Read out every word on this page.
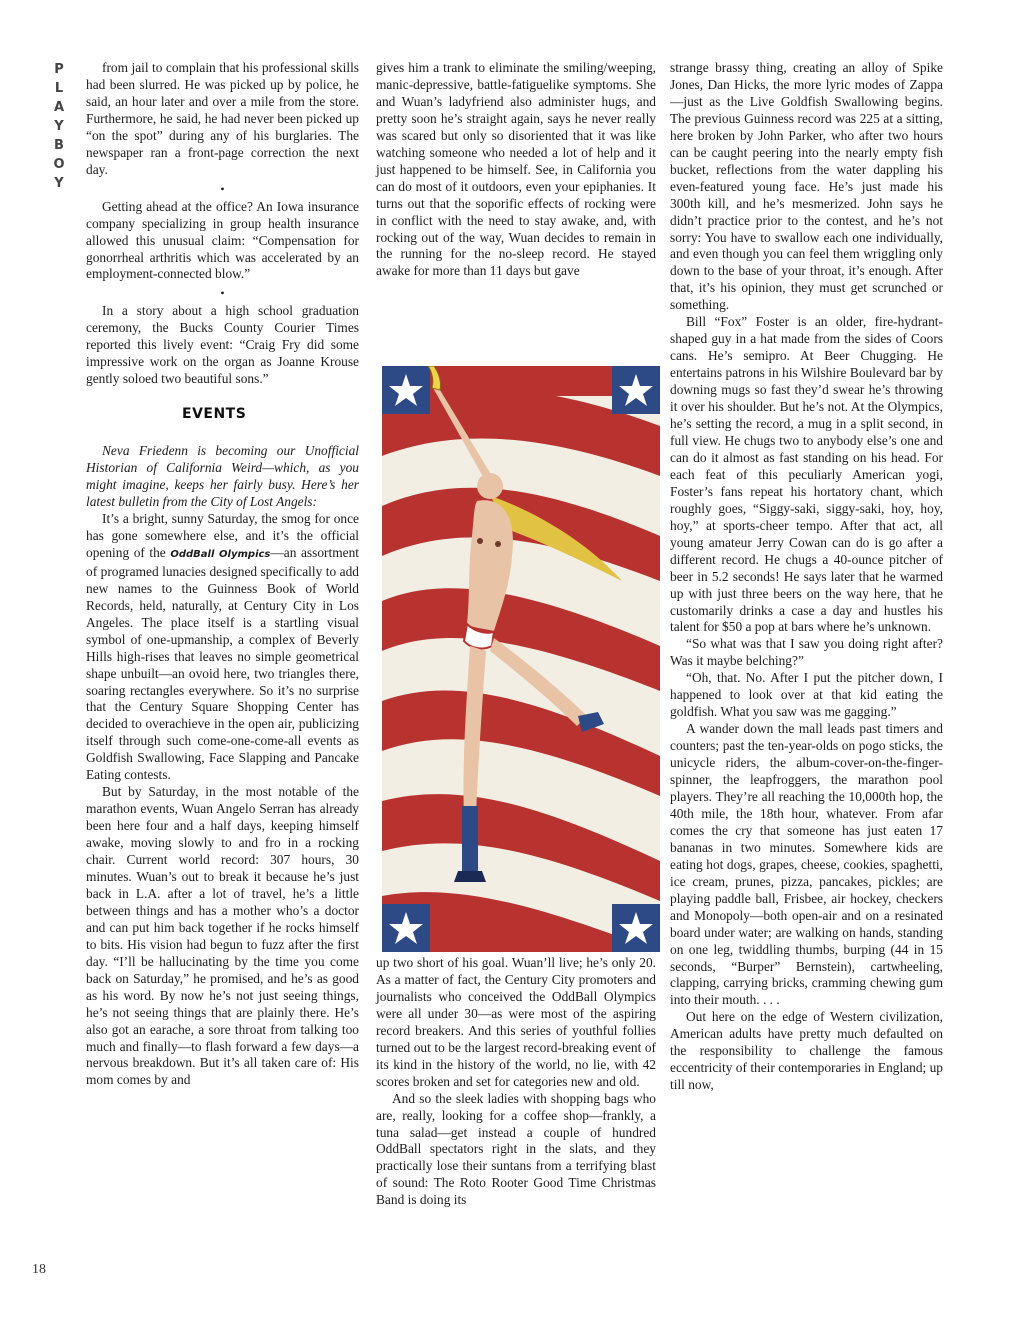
P
L
A
Y
B
O
Y

from jail to complain that his professional skills had been slurred. He was picked up by police, he said, an hour later and over a mile from the store. Furthermore, he said, he had never been picked up “on the spot” during any of his burglaries. The newspaper ran a front-page correction the next day.

•

Getting ahead at the office? An Iowa insurance company specializing in group health insurance allowed this unusual claim: “Compensation for gonorrheal arthritis which was accelerated by an employment-connected blow.”

•

In a story about a high school graduation ceremony, the Bucks County Courier Times reported this lively event: “Craig Fry did some impressive work on the organ as Joanne Krouse gently soloed two beautiful sons.”

EVENTS

Neva Friedenn is becoming our Unofficial Historian of California Weird—which, as you might imagine, keeps her fairly busy. Here’s her latest bulletin from the City of Lost Angels:

It’s a bright, sunny Saturday, the smog for once has gone somewhere else, and it’s the official opening of the OddBall Olympics—an assortment of programed lunacies designed specifically to add new names to the Guinness Book of World Records, held, naturally, at Century City in Los Angeles. The place itself is a startling visual symbol of one-upmanship, a complex of Beverly Hills high-rises that leaves no simple geometrical shape unbuilt—an ovoid here, two triangles there, soaring rectangles everywhere. So it’s no surprise that the Century Square Shopping Center has decided to overachieve in the open air, publicizing itself through such come-one-come-all events as Goldfish Swallowing, Face Slapping and Pancake Eating contests.

But by Saturday, in the most notable of the marathon events, Wuan Angelo Serran has already been here four and a half days, keeping himself awake, moving slowly to and fro in a rocking chair. Current world record: 307 hours, 30 minutes. Wuan’s out to break it because he’s just back in L.A. after a lot of travel, he’s a little between things and has a mother who’s a doctor and can put him back together if he rocks himself to bits. His vision had begun to fuzz after the first day. “I’ll be hallucinating by the time you come back on Saturday,” he promised, and he’s as good as his word. By now he’s not just seeing things, he’s not seeing things that are plainly there. He’s also got an earache, a sore throat from talking too much and finally—to flash forward a few days—a nervous breakdown. But it’s all taken care of: His mom comes by and

gives him a trank to eliminate the smiling/weeping, manic-depressive, battle-fatiguelike symptoms. She and Wuan’s ladyfriend also administer hugs, and pretty soon he’s straight again, says he never really was scared but only so disoriented that it was like watching someone who needed a lot of help and it just happened to be himself. See, in California you can do most of it outdoors, even your epiphanies. It turns out that the soporific effects of rocking were in conflict with the need to stay awake, and, with rocking out of the way, Wuan decides to remain in the running for the no-sleep record. He stayed awake for more than 11 days but gave

up two short of his goal. Wuan’ll live; he’s only 20. As a matter of fact, the Century City promoters and journalists who conceived the OddBall Olympics were all under 30—as were most of the aspiring record breakers. And this series of youthful follies turned out to be the largest record-breaking event of its kind in the history of the world, no lie, with 42 scores broken and set for categories new and old.

And so the sleek ladies with shopping bags who are, really, looking for a coffee shop—frankly, a tuna salad—get instead a couple of hundred OddBall spectators right in the slats, and they practically lose their suntans from a terrifying blast of sound: The Roto Rooter Good Time Christmas Band is doing its

strange brassy thing, creating an alloy of Spike Jones, Dan Hicks, the more lyric modes of Zappa—just as the Live Goldfish Swallowing begins. The previous Guinness record was 225 at a sitting, here broken by John Parker, who after two hours can be caught peering into the nearly empty fish bucket, reflections from the water dappling his even-featured young face. He’s just made his 300th kill, and he’s mesmerized. John says he didn’t practice prior to the contest, and he’s not sorry: You have to swallow each one individually, and even though you can feel them wriggling only down to the base of your throat, it’s enough. After that, it’s his opinion, they must get scrunched or something.

Bill “Fox” Foster is an older, fire-hydrant-shaped guy in a hat made from the sides of Coors cans. He’s semipro. At Beer Chugging. He entertains patrons in his Wilshire Boulevard bar by downing mugs so fast they’d swear he’s throwing it over his shoulder. But he’s not. At the Olympics, he’s setting the record, a mug in a split second, in full view. He chugs two to anybody else’s one and can do it almost as fast standing on his head. For each feat of this peculiarly American yogi, Foster’s fans repeat his hortatory chant, which roughly goes, “Siggy-saki, siggy-saki, hoy, hoy, hoy,” at sports-cheer tempo. After that act, all young amateur Jerry Cowan can do is go after a different record. He chugs a 40-ounce pitcher of beer in 5.2 seconds! He says later that he warmed up with just three beers on the way here, that he customarily drinks a case a day and hustles his talent for $50 a pop at bars where he’s unknown.

“So what was that I saw you doing right after? Was it maybe belching?”

“Oh, that. No. After I put the pitcher down, I happened to look over at that kid eating the goldfish. What you saw was me gagging.”

A wander down the mall leads past timers and counters; past the ten-year-olds on pogo sticks, the unicycle riders, the album-cover-on-the-finger-spinner, the leapfroggers, the marathon pool players. They’re all reaching the 10,000th hop, the 40th mile, the 18th hour, whatever. From afar comes the cry that someone has just eaten 17 bananas in two minutes. Somewhere kids are eating hot dogs, grapes, cheese, cookies, spaghetti, ice cream, prunes, pizza, pancakes, pickles; are playing paddle ball, Frisbee, air hockey, checkers and Monopoly—both open-air and on a resinated board under water; are walking on hands, standing on one leg, twiddling thumbs, burping (44 in 15 seconds, “Burper” Bernstein), cartwheeling, clapping, carrying bricks, cramming chewing gum into their mouth. . . .

Out here on the edge of Western civilization, American adults have pretty much defaulted on the responsibility to challenge the famous eccentricity of their contemporaries in England; up till now,

18
